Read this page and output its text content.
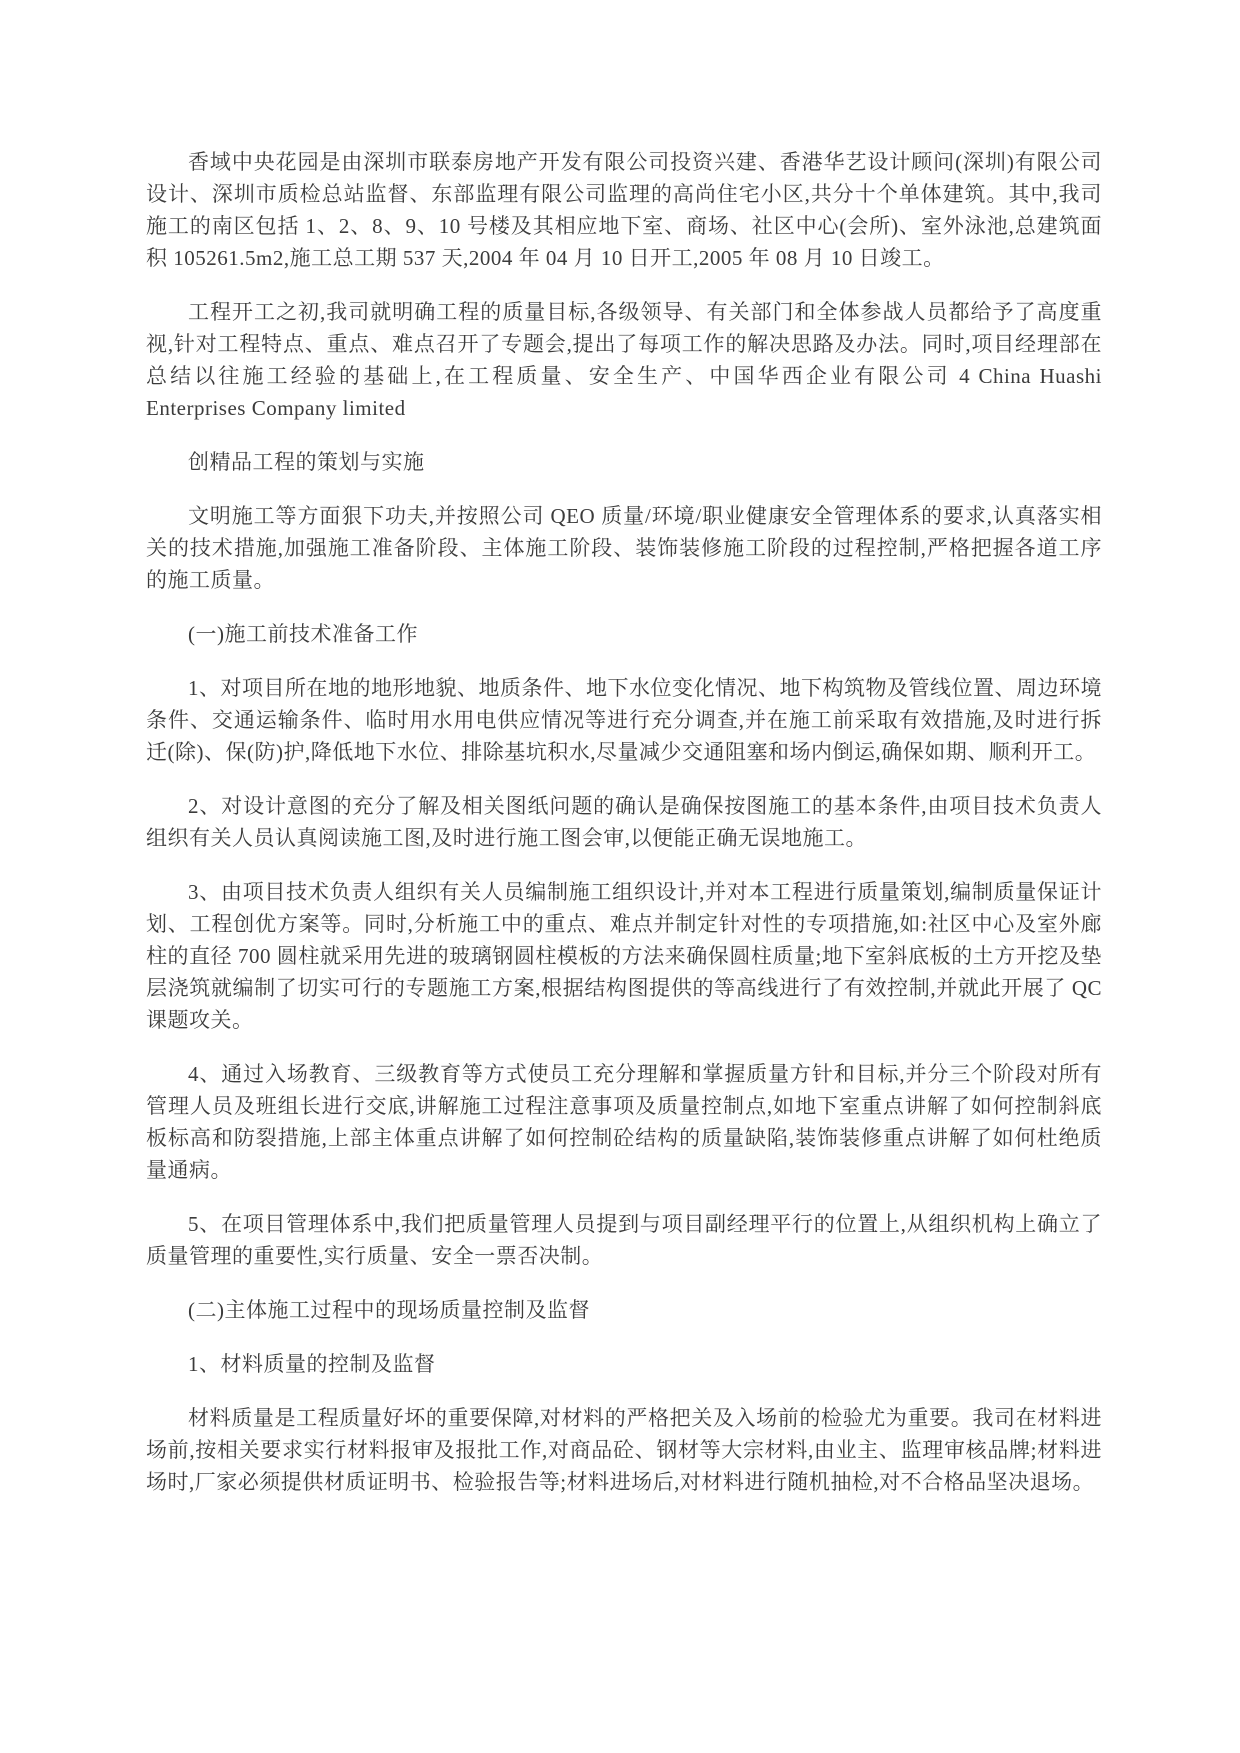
香域中央花园是由深圳市联泰房地产开发有限公司投资兴建、香港华艺设计顾问(深圳)有限公司设计、深圳市质检总站监督、东部监理有限公司监理的高尚住宅小区,共分十个单体建筑。其中,我司施工的南区包括 1、2、8、9、10 号楼及其相应地下室、商场、社区中心(会所)、室外泳池,总建筑面积 105261.5m2,施工总工期 537 天,2004 年 04 月 10 日开工,2005 年 08 月 10 日竣工。

工程开工之初,我司就明确工程的质量目标,各级领导、有关部门和全体参战人员都给予了高度重视,针对工程特点、重点、难点召开了专题会,提出了每项工作的解决思路及办法。同时,项目经理部在总结以往施工经验的基础上,在工程质量、安全生产、中国华西企业有限公司 4 China Huashi Enterprises Company limited

创精品工程的策划与实施

文明施工等方面狠下功夫,并按照公司 QEO 质量/环境/职业健康安全管理体系的要求,认真落实相关的技术措施,加强施工准备阶段、主体施工阶段、装饰装修施工阶段的过程控制,严格把握各道工序的施工质量。

(一)施工前技术准备工作

1、对项目所在地的地形地貌、地质条件、地下水位变化情况、地下构筑物及管线位置、周边环境条件、交通运输条件、临时用水用电供应情况等进行充分调查,并在施工前采取有效措施,及时进行拆迁(除)、保(防)护,降低地下水位、排除基坑积水,尽量减少交通阻塞和场内倒运,确保如期、顺利开工。

2、对设计意图的充分了解及相关图纸问题的确认是确保按图施工的基本条件,由项目技术负责人组织有关人员认真阅读施工图,及时进行施工图会审,以便能正确无误地施工。

3、由项目技术负责人组织有关人员编制施工组织设计,并对本工程进行质量策划,编制质量保证计划、工程创优方案等。同时,分析施工中的重点、难点并制定针对性的专项措施,如:社区中心及室外廊柱的直径 700 圆柱就采用先进的玻璃钢圆柱模板的方法来确保圆柱质量;地下室斜底板的土方开挖及垫层浇筑就编制了切实可行的专题施工方案,根据结构图提供的等高线进行了有效控制,并就此开展了 QC 课题攻关。

4、通过入场教育、三级教育等方式使员工充分理解和掌握质量方针和目标,并分三个阶段对所有管理人员及班组长进行交底,讲解施工过程注意事项及质量控制点,如地下室重点讲解了如何控制斜底板标高和防裂措施,上部主体重点讲解了如何控制砼结构的质量缺陷,装饰装修重点讲解了如何杜绝质量通病。

5、在项目管理体系中,我们把质量管理人员提到与项目副经理平行的位置上,从组织机构上确立了质量管理的重要性,实行质量、安全一票否决制。

(二)主体施工过程中的现场质量控制及监督

1、材料质量的控制及监督

材料质量是工程质量好坏的重要保障,对材料的严格把关及入场前的检验尤为重要。我司在材料进场前,按相关要求实行材料报审及报批工作,对商品砼、钢材等大宗材料,由业主、监理审核品牌;材料进场时,厂家必须提供材质证明书、检验报告等;材料进场后,对材料进行随机抽检,对不合格品坚决退场。
